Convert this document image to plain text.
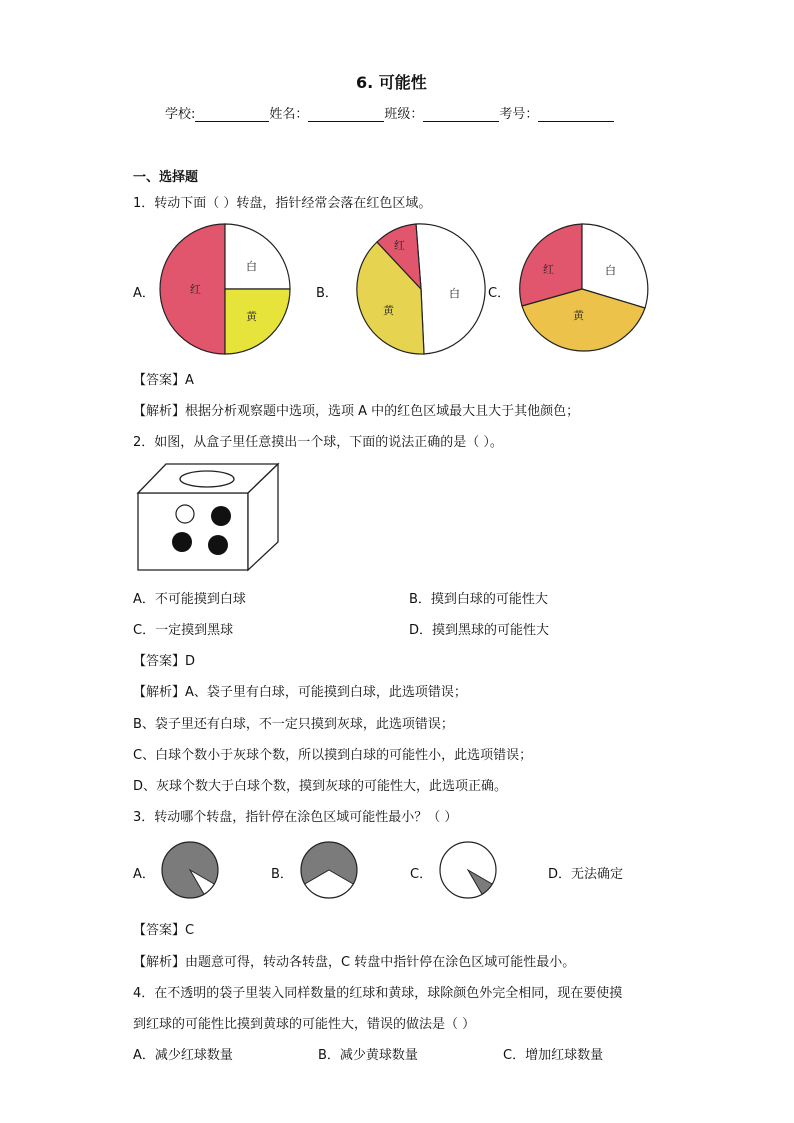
6. 可能性
学校:	姓名：	班级：	考号：
一、选择题
1．转动下面（ ）转盘，指针经常会落在红色区域。
A．	红
白
黄
B．
红
白
黄
C．
红	白
黄
【答案】A
【解析】根据分析观察题中选项，选项 A 中的红色区域最大且大于其他颜色；
2．如图，从盒子里任意摸出一个球，下面的说法正确的是（ ）。
A．不可能摸到白球	B．摸到白球的可能性大
C．一定摸到黑球	D．摸到黑球的可能性大
【答案】D
【解析】A、袋子里有白球，可能摸到白球，此选项错误；
B、袋子里还有白球，不一定只摸到灰球，此选项错误；
C、白球个数小于灰球个数，所以摸到白球的可能性小，此选项错误；
D、灰球个数大于白球个数，摸到灰球的可能性大，此选项正确。
3．转动哪个转盘，指针停在涂色区域可能性最小？（ ）
A．	B．	C．	D．无法确定
【答案】C
【解析】由题意可得，转动各转盘，C 转盘中指针停在涂色区域可能性最小。
4．在不透明的袋子里装入同样数量的红球和黄球，球除颜色外完全相同，现在要使摸
到红球的可能性比摸到黄球的可能性大，错误的做法是（ ）
A．减少红球数量	B．减少黄球数量	C．增加红球数量
